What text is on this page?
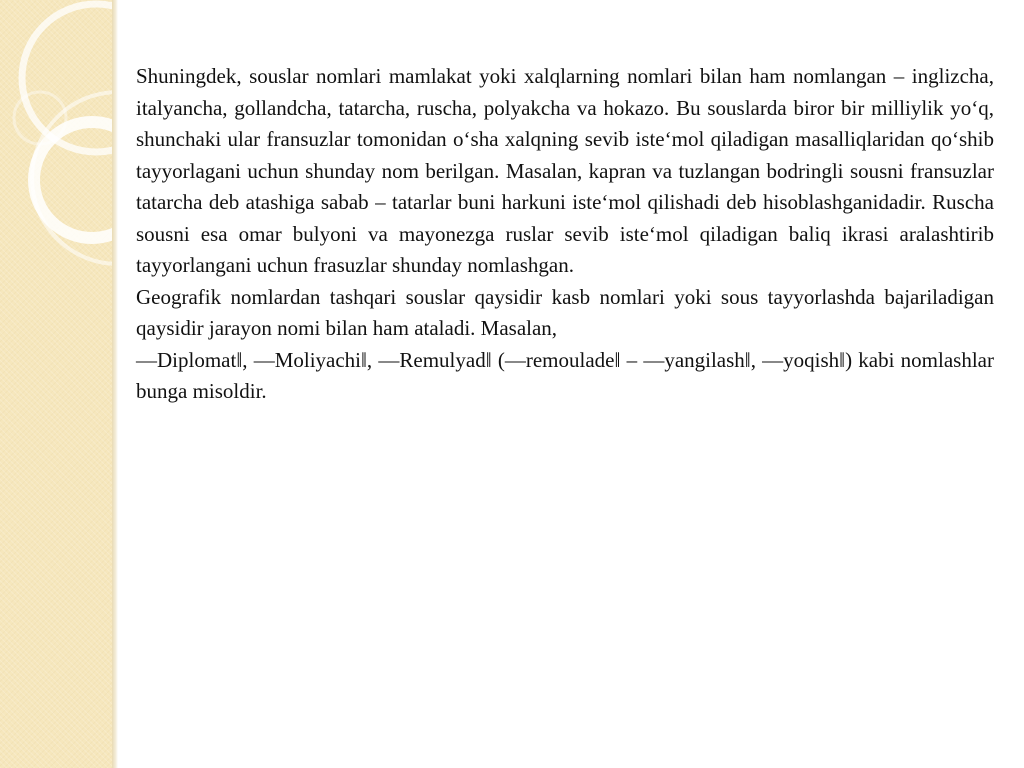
Shuningdek, souslar nomlari mamlakat yoki xalqlarning nomlari bilan ham nomlangan – inglizcha, italyancha, gollandcha, tatarcha, ruscha, polyakcha va hokazo. Bu souslarda biror bir milliylik yo‘q, shunchaki ular fransuzlar tomonidan o‘sha xalqning sevib iste‘mol qiladigan masalliqlaridan qo‘shib tayyorlagani uchun shunday nom berilgan. Masalan, kapran va tuzlangan bodringli sousni fransuzlar tatarcha deb atashiga sabab – tatarlar buni harkuni iste‘mol qilishadi deb hisoblashganidadir. Ruscha sousni esa omar bulyoni va mayonezga ruslar sevib iste‘mol qiladigan baliq ikrasi aralashtirib tayyorlangani uchun frasuzlar shunday nomlashgan.

Geografik nomlardan tashqari souslar qaysidir kasb nomlari yoki sous tayyorlashda bajariladigan qaysidir jarayon nomi bilan ham ataladi. Masalan,

―Diplomat‖, ―Moliyachi‖, ―Remulyad‖ (―remoulade‖ – ―yangilash‖, ―yoqish‖) kabi nomlashlar bunga misoldir.
